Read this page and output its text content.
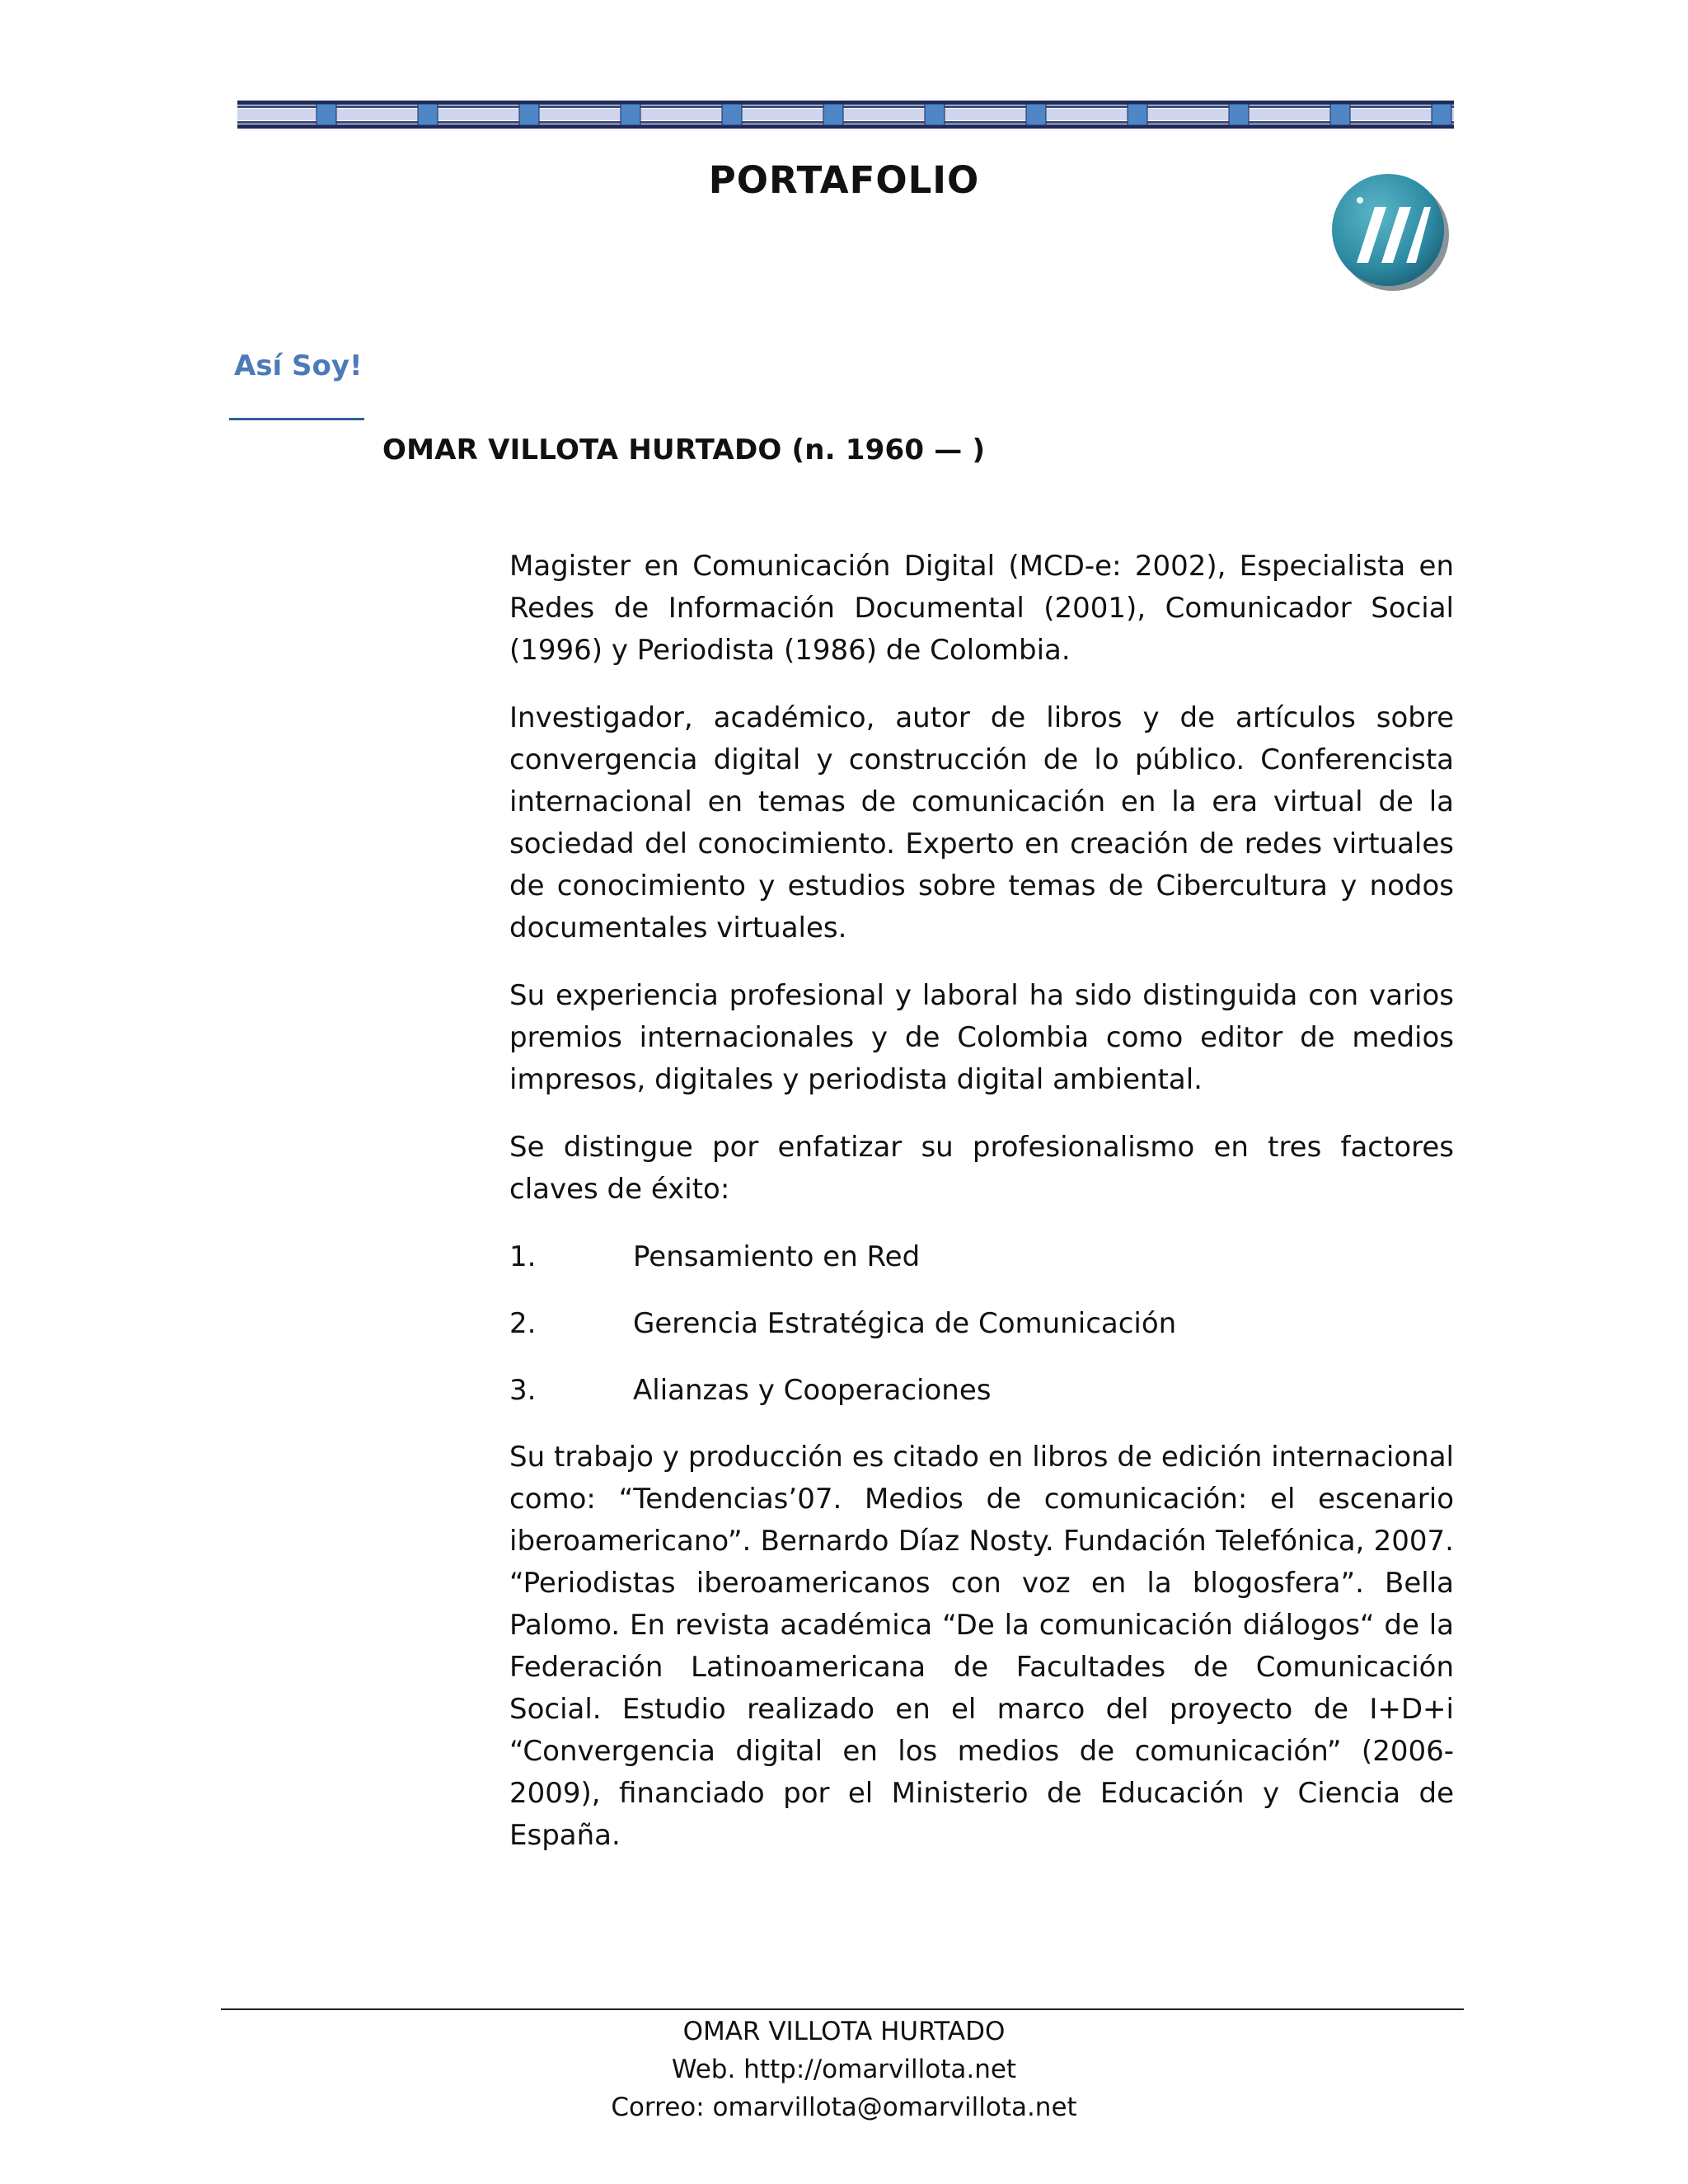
PORTAFOLIO
Así Soy!
OMAR VILLOTA HURTADO (n. 1960 — )

Magister en Comunicación Digital (MCD-e: 2002), Especialista en Redes de Información Documental (2001), Comunicador Social (1996) y Periodista (1986) de Colombia.

Investigador, académico, autor de libros y de artículos sobre convergencia digital y construcción de lo público. Conferencista internacional en temas de comunicación en la era virtual de la sociedad del conocimiento. Experto en creación de redes virtuales de conocimiento y estudios sobre temas de Cibercultura y nodos documentales virtuales.

Su experiencia profesional y laboral ha sido distinguida con varios premios internacionales y de Colombia como editor de medios impresos, digitales y periodista digital ambiental.

Se distingue por enfatizar su profesionalismo en tres factores claves de éxito:

1.	Pensamiento en Red
2.	Gerencia Estratégica de Comunicación
3.	Alianzas y Cooperaciones

Su trabajo y producción es citado en libros de edición internacional como: “Tendencias’07. Medios de comunicación: el escenario iberoamericano”. Bernardo Díaz Nosty. Fundación Telefónica, 2007. “Periodistas iberoamericanos con voz en la blogosfera”. Bella Palomo. En revista académica “De la comunicación diálogos“ de la Federación Latinoamericana de Facultades de Comunicación Social. Estudio realizado en el marco del proyecto de I+D+i “Convergencia digital en los medios de comunicación” (2006-2009), financiado por el Ministerio de Educación y Ciencia de España.

OMAR VILLOTA HURTADO
Web. http://omarvillota.net
Correo: omarvillota@omarvillota.net
